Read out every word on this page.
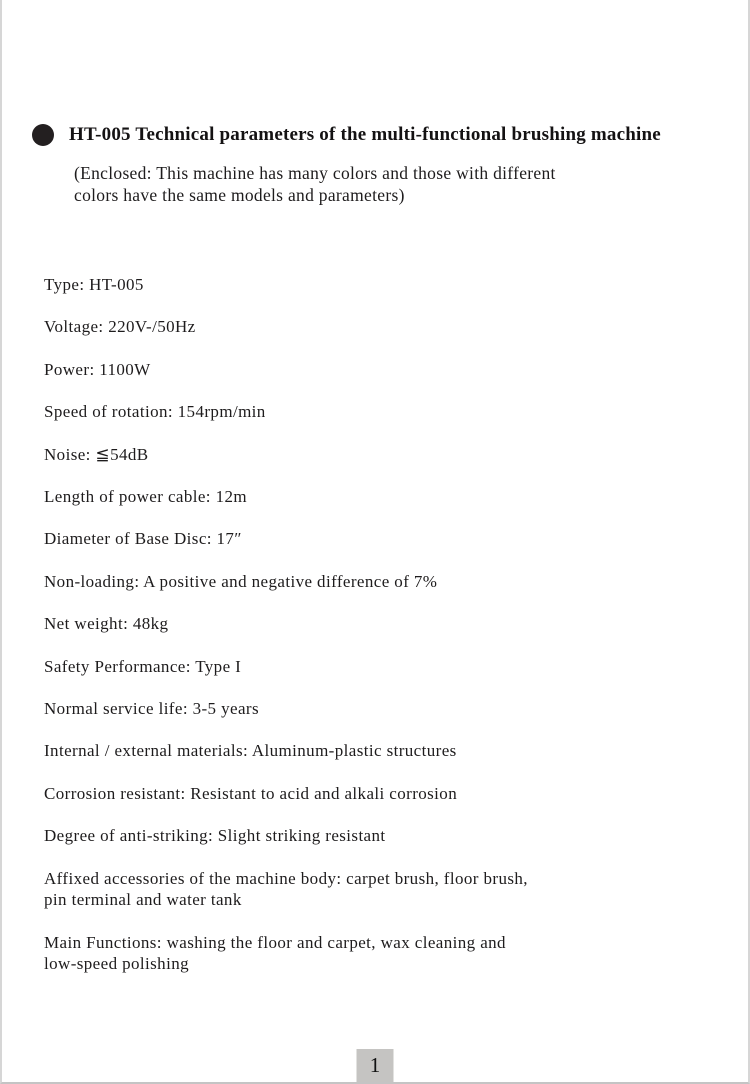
HT-005 Technical parameters of the multi-functional brushing machine
(Enclosed: This machine has many colors and those with different
colors have the same models and parameters)
Type: HT-005
Voltage: 220V-/50Hz
Power: 1100W
Speed of rotation: 154rpm/min
Noise: ≦54dB
Length of power cable: 12m
Diameter of Base Disc: 17″
Non-loading: A positive and negative difference of 7%
Net weight: 48kg
Safety Performance: Type I
Normal service life: 3-5 years
Internal / external materials: Aluminum-plastic structures
Corrosion resistant: Resistant to acid and alkali corrosion
Degree of anti-striking: Slight striking resistant
Affixed accessories of the machine body: carpet brush, floor brush,
pin terminal and water tank
Main Functions: washing the floor and carpet, wax cleaning and
low-speed polishing
1
